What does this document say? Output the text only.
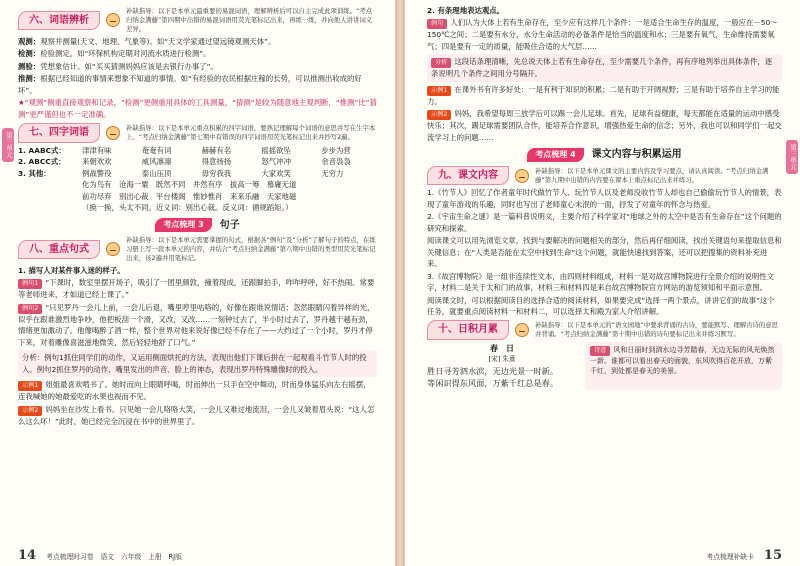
第三单元
六、词语辨析
补缺指导：以下是本单元最重要的易混词语，理解辨析后可以自主完成此项训练。“考点归纳金满藤”第四期中出错的易混词语用荧光笔标记出来，再练一练，并向他人讲讲词义差异。

观测：观察并测量(天文、地理、气象等)。如“天文学家通过望远镜观测天体”。

检测：检验测定。如“环保机构定期对河流水质进行检测”。

测验：凭想象估计。如“买买猜测妈妈应该是去银行办事了”。

推测：根据已经知道的事情来想象不知道的事情。如“有经验的农民根据庄稼的长势，可以推测出收成的好坏”。

★“观测”侧重直接观察和记录，“检测”更侧重用具体的工具测量，“猜测”是较为随意地主观判断，“推测”比“猜测”更严谨但也不一定准确。

七、四字词语	补缺指导：以下是本单元重点积累的四字词语，要熟记理解每个词语的意思并写在生字本上。“考点归纳金满藤”第七期中有错误的四字词语用荧光笔标记出来并抄写2遍。
1. AABC式：	津津有味	奄奄有词	赫赫有名	摇摇欲坠	步步为营
2. ABCC式：	来朝欢欢	威风凛凛	得意扬扬	怒气冲冲	余音袅袅
3. 其他：	例战警役	泰山压顶	毋穷我我	大家欢笑	无穷力
化为鸟有　沧海一粟　既然不同　井然有序　拔高一筹　慕庸无道
前功尽弃　别出心裁　平台楼阁　惟妙惟肖　来来乐融　天家地磁
（换一换，头太不同。近义词：别出心裁。反义词：循规蹈矩。）
考点梳理 3	句子
八、重点句式
补缺指导：以下是本单元需要掌握的句式，根据各“例句”及“分析”了解句子的特点，在练习册上写一段本单元的内容，并结合“考点归纳金满藤”第八期中出错的类型用荧光笔标记出来，该2遍并用笔标记。

1. 描写人对某件事入迷的样子。

例句1 “下课时，数室里摆开场子，吸引了一团里颜敦，撞着现成，还跟脚拍手，咋咋呼呼，好不热闹。常要等老师进来，才如道已经上课了。”

例句2 “只见罗丹一会儿上前，一会儿后退，嘴里哼里咕咯的，好像在跟谁说情话；忽然眼睛闪着异样的光，似乎在跟谁激烈地争吵，他把板刮一个滑，又改，又改……一刻钟过去了，半小时过去了，罗丹越干越有劲，情绪更加激动了。他像喝醉了酒一样，整个世界对他来说好像已经不存在了——大约过了一个小时，罗丹才停下来，对着雕像喜滋滋地微笑，然后轻轻地舒了口气。”

分析：例句1抓住同学们的动作，又运用侧面烘托的方法，表现出他们下课后拼在一起观看斗竹节人时的投入。例句2抓住罗丹的动作、嘴里发出的声音、脸上的神态，表现出罗丹特殊雕像时的投入。

示例1 姐姐最喜欢啃书了。她时而向上眼睛呼喝，时而伸出一只手在空中舞动，时而身体猛乐向左右摇摆，连我喊她的她最爱吃的水果也视而不见。

示例2 妈妈坐在沙发上看书。只见她一会儿咯咯大笑，一会儿又难过地流泪，一会儿又皱着眉头说：“这人怎么这么坏！”此时，她已经完全沉浸在书中的世界里了。

14 考点梳理时习卷　语文　六年级　上册　RJ版
第三单元

2. 有条理地表达观点。

例句 人们认为大体上若有生命存在，至少应有这样几个条件：一是适合生命生存的温度，一般应在－50～150℃之间；二是要有水分，水分生命活动的必备条件是恰当的温度和水；三是要有氧气，生命维持需要氧气；四是要有一定的质量，能吸住合适的大气层……

分析 这段话条理清晰，先总说天体上若有生命存在，至少需要几个条件，再有序地列举出具体条件，逐条说明几个条件之间用分号隔开。

示例1 在课外书有许多好处：一是有利于知识的积累；二是有助于开阔视野；三是有助于培养自主学习的能力。

示例2 妈妈，我希望每周三放学后可以踢一会儿足球。首先，足球有益健康，每天都能在适量的运动中感受快乐；其次，踢足球需要团队合作，能培养合作意识，增强热爱生命的信念；另外，我也可以和同学们一起交流学习上的问题……

考点梳理 4	课文内容与积累运用
九、课文内容	补缺指导：以下是本单元课文的主要内容及学习要点，请认真阅读。“考点归纳金满藤”第九期中出错的内容要在课本上重点标记出来并练习。

1.《竹节人》回忆了作者童年时代做竹节人、玩竹节人以及老师没收竹节人却也自己偷偷玩竹节人的情景，表现了童年游戏的乐趣，同时也写出了老师童心未泯的一面，抒发了对童年的怀念与热爱。

2.《宇宙生命之谜》是一篇科普说明文，主要介绍了科学家对“地球之外的太空中是否有生命存在”这个问题的研究和探索。

阅读课文可以用先浏览文章，找到与要解决的问题相关的部分，然后再仔细阅读，找出关键语句来提取信息和关键信息；在“人类是否能在太空中找到生命”这个问题，就能快速找到答案，还可以把搜集的资料补充进来。

3.《故宫博物院》是一组非连续性文本，由四则材料组成，材料一是对故宫博物院进行全景介绍的说明性文字，材料二是关于太和门的故事，材料三和材料四是来自故宫博物院官方网站的游览须知和平面示意图。

阅读课文时，可以根据阅读目的选择合适的阅读材料，如果要完成“选择一两个景点，讲讲它们的故事”这个任务，就要重点阅读材料一和材料二，可以选择太和殿为家人介绍讲解。

十、日积月累	补缺指导：以下是本单元的“语文园地”中要求背诵的古诗，要能默写、理解古诗的意思并背诵。“考点归纳金满藤”第十期中出错的诗句要标记出来并练习默写。
春　日
[宋] 朱熹
胜日寻芳泗水滨，无边光景一时新。
等闲识得东风面，万紫千红总是春。
诗意 风和日丽时到泗水边寻芳踏春，无边无际的风光焕然一新。谁都可以看出春天的面貌，东风吹得百花开放，万紫千红，到处都是春天的美景。
考点梳理补缺卡 15
